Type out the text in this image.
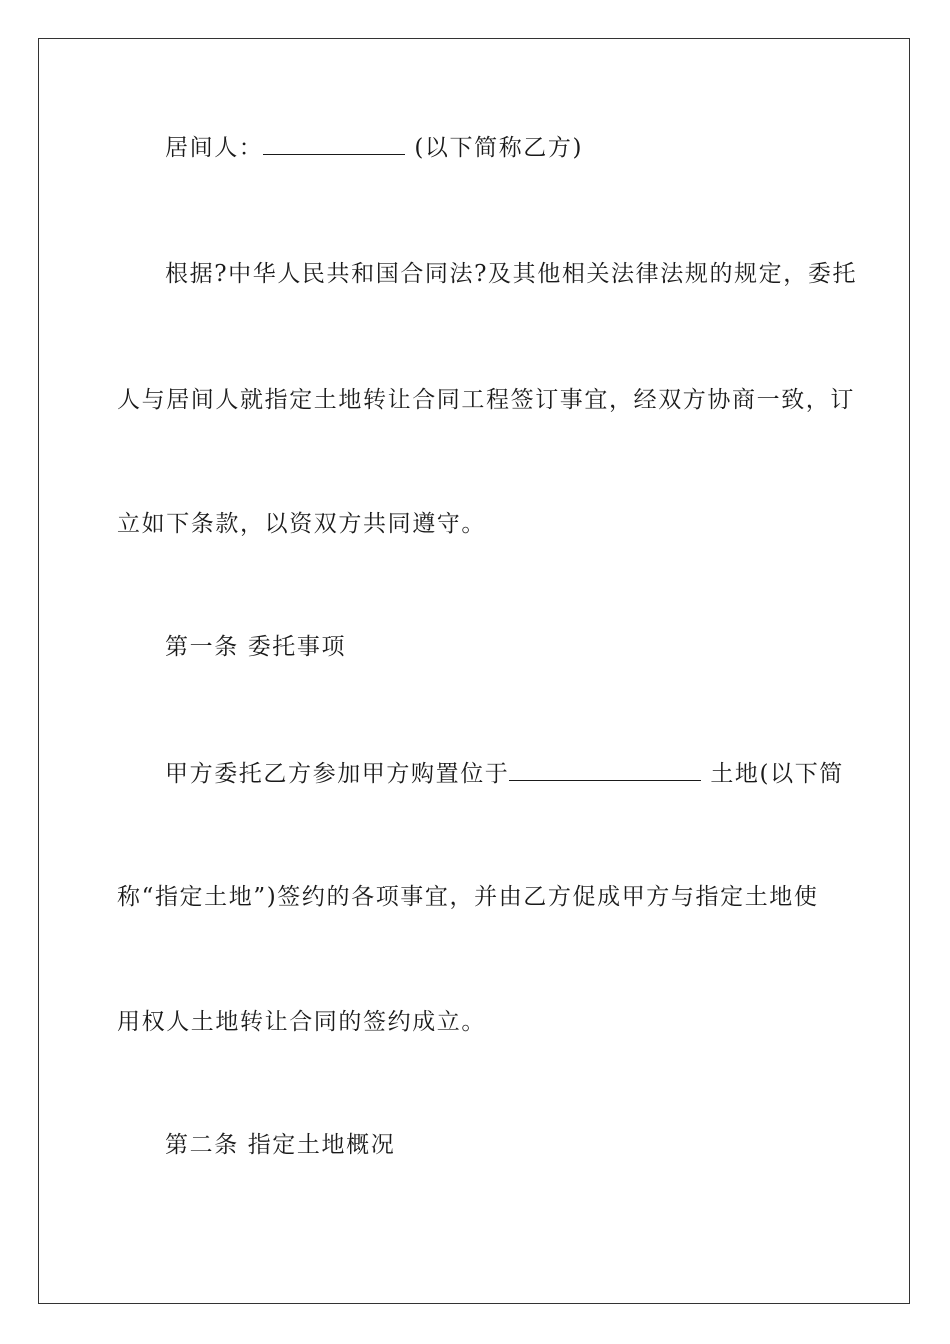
居间人：	(以下简称乙方)
根据?中华人民共和国合同法?及其他相关法律法规的规定，委托
人与居间人就指定土地转让合同工程签订事宜，经双方协商一致，订
立如下条款，以资双方共同遵守。
第一条 委托事项
甲方委托乙方参加甲方购置位于	土地(以下简
称“指定土地”)签约的各项事宜，并由乙方促成甲方与指定土地使
用权人土地转让合同的签约成立。
第二条 指定土地概况
